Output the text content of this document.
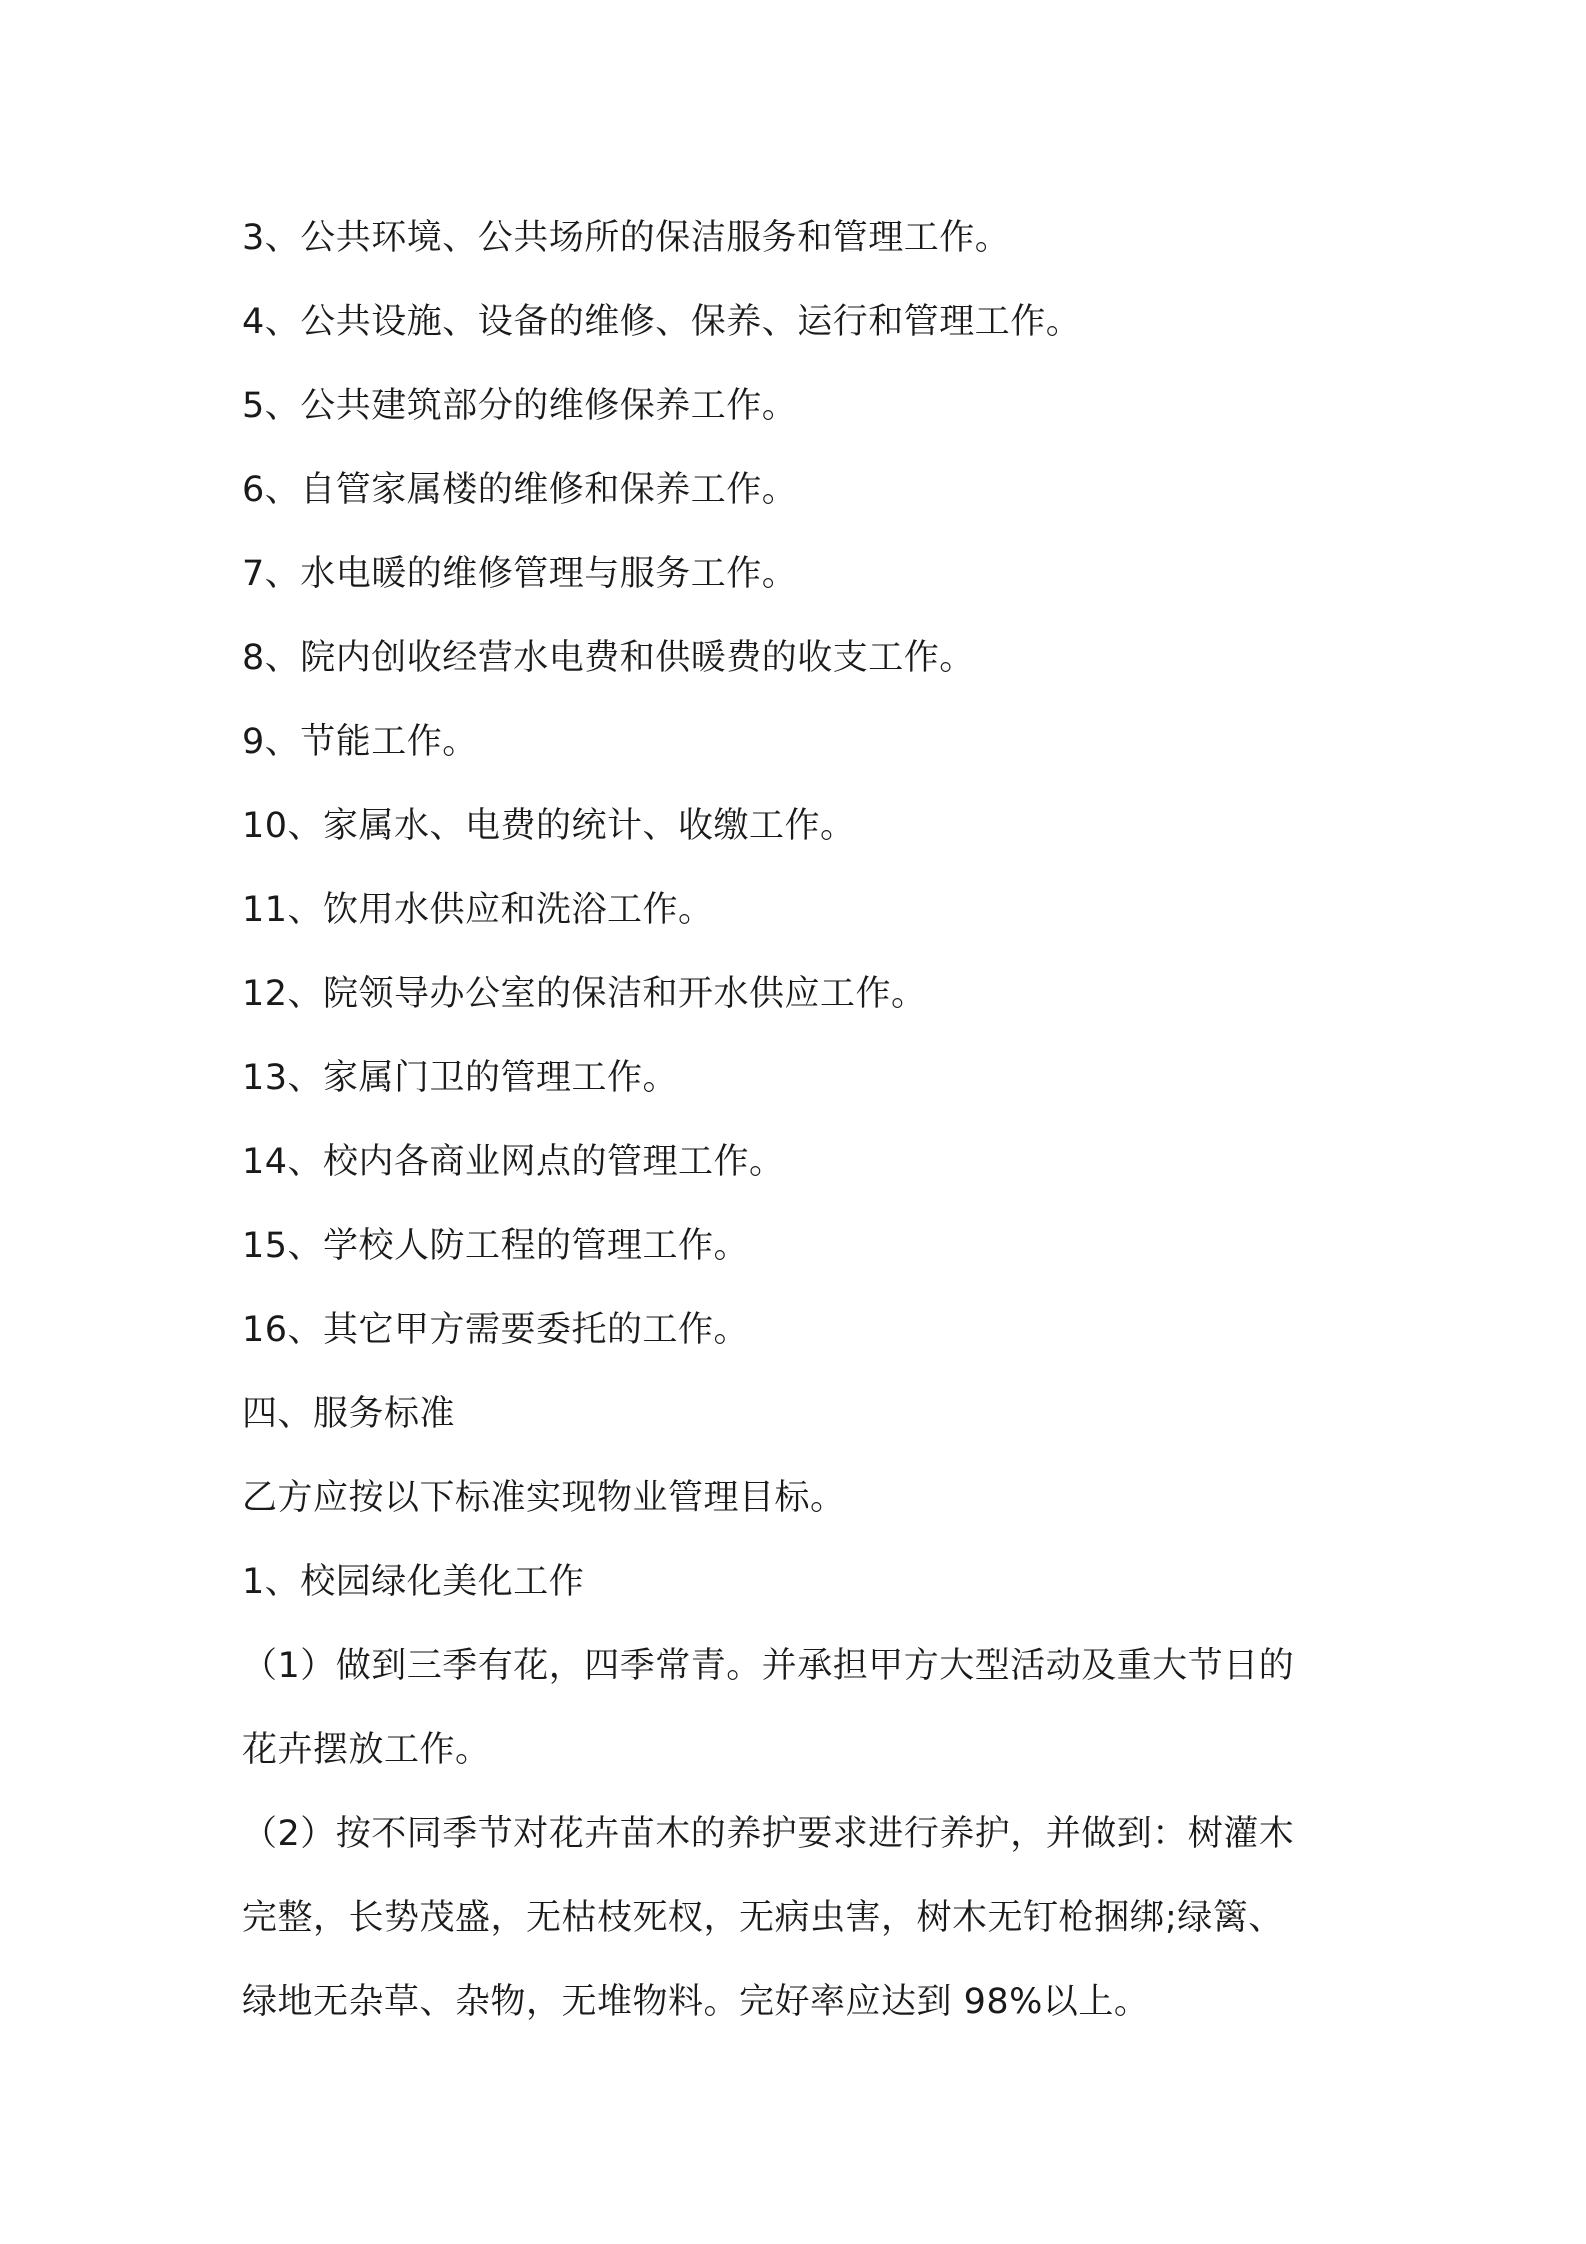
3、公共环境、公共场所的保洁服务和管理工作。
4、公共设施、设备的维修、保养、运行和管理工作。
5、公共建筑部分的维修保养工作。
6、自管家属楼的维修和保养工作。
7、水电暖的维修管理与服务工作。
8、院内创收经营水电费和供暖费的收支工作。
9、节能工作。
10、家属水、电费的统计、收缴工作。
11、饮用水供应和洗浴工作。
12、院领导办公室的保洁和开水供应工作。
13、家属门卫的管理工作。
14、校内各商业网点的管理工作。
15、学校人防工程的管理工作。
16、其它甲方需要委托的工作。
四、服务标准
乙方应按以下标准实现物业管理目标。
1、校园绿化美化工作
（1）做到三季有花，四季常青。并承担甲方大型活动及重大节日的
花卉摆放工作。
（2）按不同季节对花卉苗木的养护要求进行养护，并做到：树灌木
完整，长势茂盛，无枯枝死杈，无病虫害，树木无钉枪捆绑;绿篱、
绿地无杂草、杂物，无堆物料。完好率应达到 98%以上。
